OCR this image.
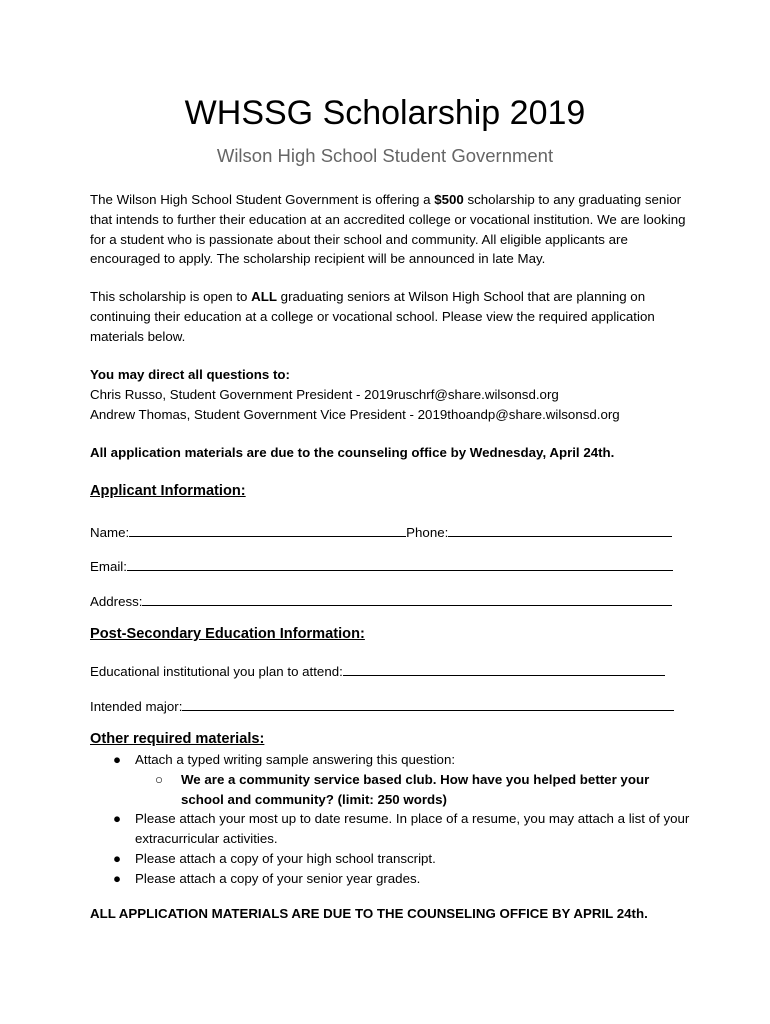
WHSSG Scholarship 2019
Wilson High School Student Government

The Wilson High School Student Government is offering a $500 scholarship to any graduating senior that intends to further their education at an accredited college or vocational institution. We are looking for a student who is passionate about their school and community. All eligible applicants are encouraged to apply. The scholarship recipient will be announced in late May.

This scholarship is open to ALL graduating seniors at Wilson High School that are planning on continuing their education at a college or vocational school. Please view the required application materials below.

You may direct all questions to:

Chris Russo, Student Government President - 2019ruschrf@share.wilsonsd.org

Andrew Thomas, Student Government Vice President - 2019thoandp@share.wilsonsd.org

All application materials are due to the counseling office by Wednesday, April 24th.
Applicant Information:
Name:	Phone:
Email:
Address:
Post-Secondary Education Information:
Educational institutional you plan to attend:
Intended major:
Other required materials:
● Attach a typed writing sample answering this question:
○ We are a community service based club. How have you helped better your school and community? (limit: 250 words)
● Please attach your most up to date resume. In place of a resume, you may attach a list of your extracurricular activities.
● Please attach a copy of your high school transcript.
● Please attach a copy of your senior year grades.
ALL APPLICATION MATERIALS ARE DUE TO THE COUNSELING OFFICE BY APRIL 24th.
